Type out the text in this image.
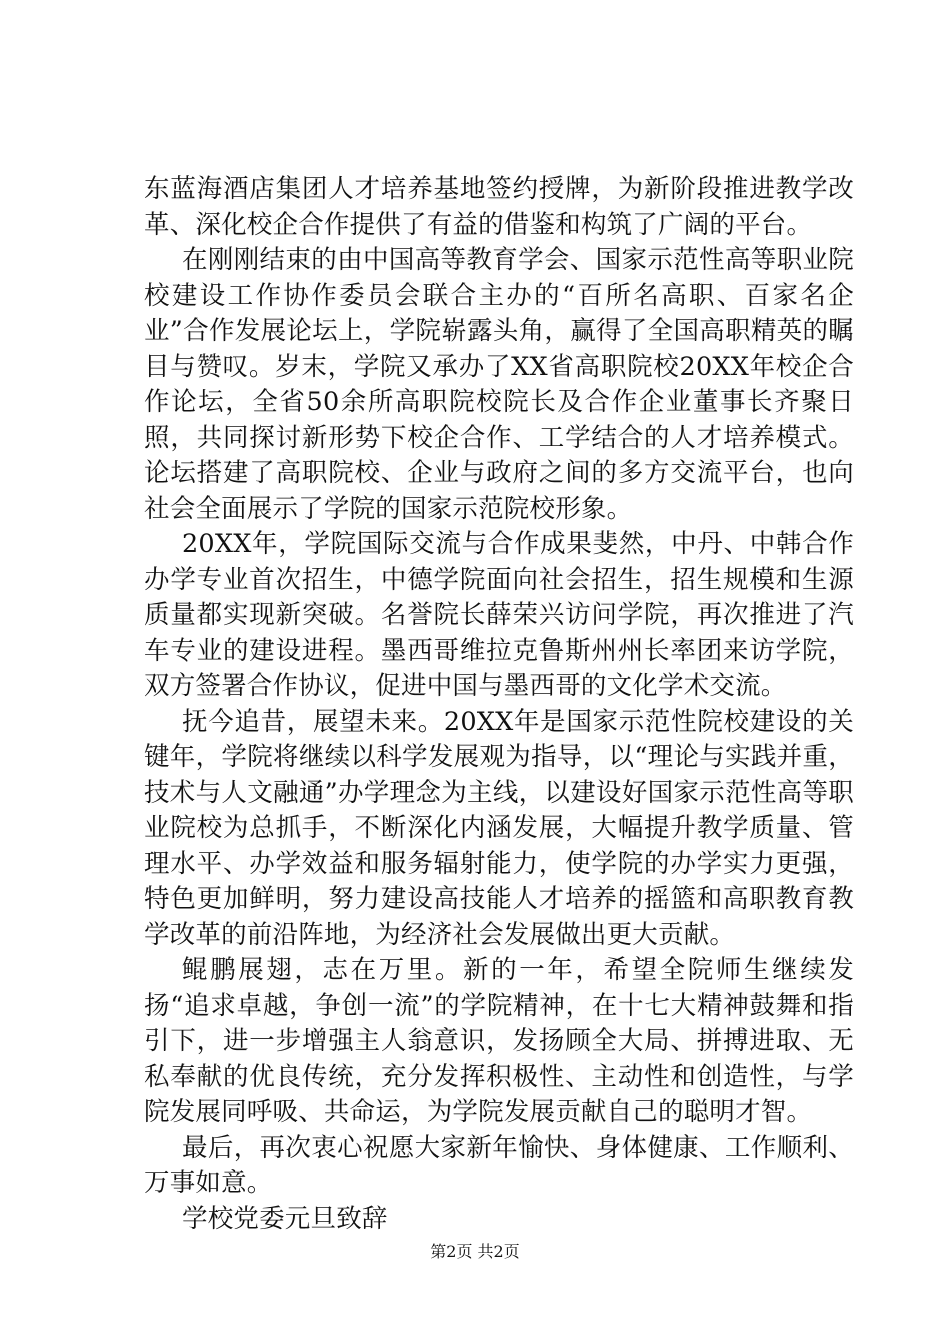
东蓝海酒店集团人才培养基地签约授牌，为新阶段推进教学改革、深化校企合作提供了有益的借鉴和构筑了广阔的平台。

在刚刚结束的由中国高等教育学会、国家示范性高等职业院校建设工作协作委员会联合主办的“百所名高职、百家名企业”合作发展论坛上，学院崭露头角，赢得了全国高职精英的瞩目与赞叹。岁末，学院又承办了XX省高职院校20XX年校企合作论坛，全省50余所高职院校院长及合作企业董事长齐聚日照，共同探讨新形势下校企合作、工学结合的人才培养模式。论坛搭建了高职院校、企业与政府之间的多方交流平台，也向社会全面展示了学院的国家示范院校形象。

20XX年，学院国际交流与合作成果斐然，中丹、中韩合作办学专业首次招生，中德学院面向社会招生，招生规模和生源质量都实现新突破。名誉院长薛荣兴访问学院，再次推进了汽车专业的建设进程。墨西哥维拉克鲁斯州州长率团来访学院，双方签署合作协议，促进中国与墨西哥的文化学术交流。

抚今追昔，展望未来。20XX年是国家示范性院校建设的关键年，学院将继续以科学发展观为指导，以“理论与实践并重，技术与人文融通”办学理念为主线，以建设好国家示范性高等职业院校为总抓手，不断深化内涵发展，大幅提升教学质量、管理水平、办学效益和服务辐射能力，使学院的办学实力更强，特色更加鲜明，努力建设高技能人才培养的摇篮和高职教育教学改革的前沿阵地，为经济社会发展做出更大贡献。

鲲鹏展翅，志在万里。新的一年，希望全院师生继续发扬“追求卓越，争创一流”的学院精神，在十七大精神鼓舞和指引下，进一步增强主人翁意识，发扬顾全大局、拼搏进取、无私奉献的优良传统，充分发挥积极性、主动性和创造性，与学院发展同呼吸、共命运，为学院发展贡献自己的聪明才智。

最后，再次衷心祝愿大家新年愉快、身体健康、工作顺利、万事如意。

学校党委元旦致辞

第2页 共2页
